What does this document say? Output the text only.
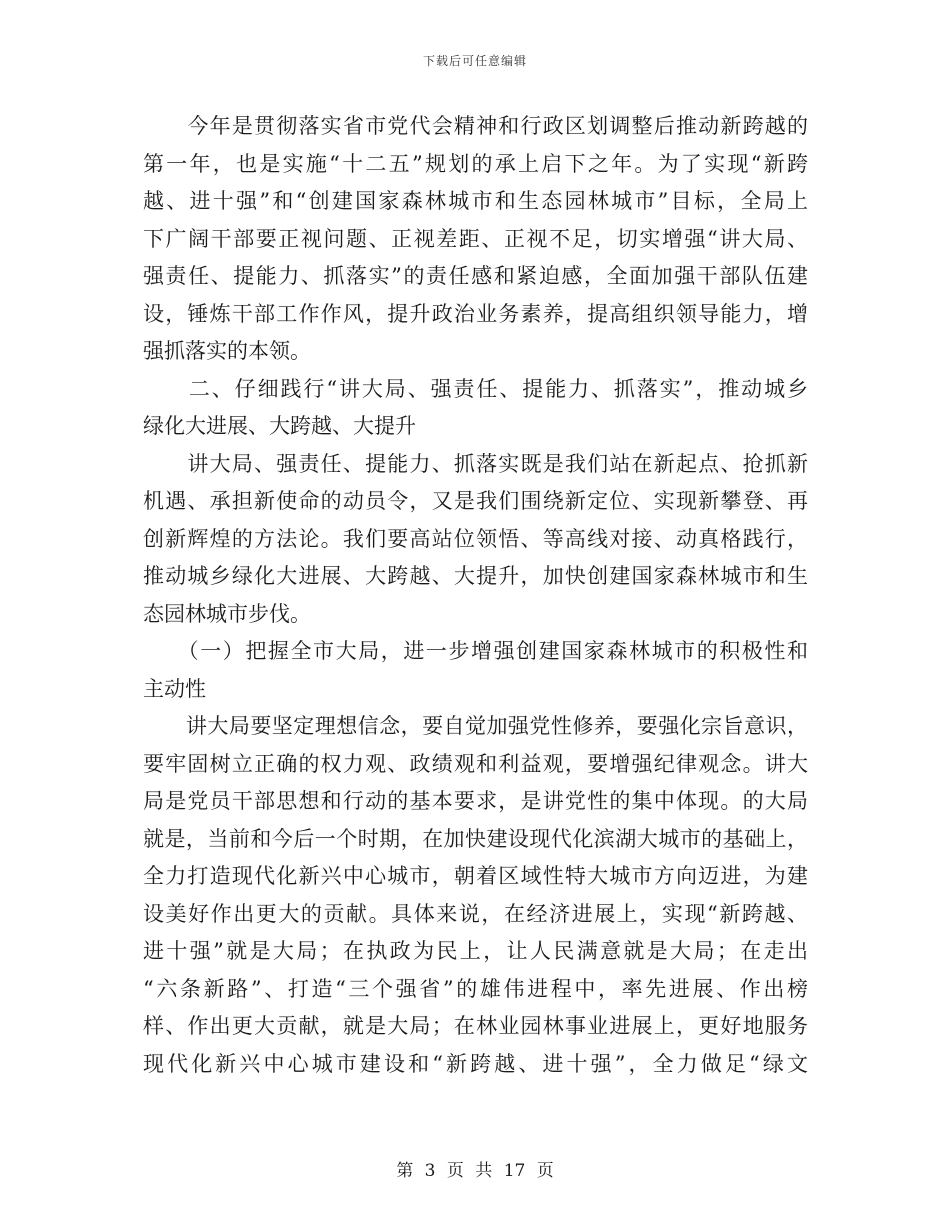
下载后可任意编辑
　　今年是贯彻落实省市党代会精神和行政区划调整后推动新跨越的
第一年，也是实施“十二五”规划的承上启下之年。为了实现“新跨
越、进十强”和“创建国家森林城市和生态园林城市”目标，全局上
下广阔干部要正视问题、正视差距、正视不足，切实增强“讲大局、
强责任、提能力、抓落实”的责任感和紧迫感，全面加强干部队伍建
设，锤炼干部工作作风，提升政治业务素养，提高组织领导能力，增
强抓落实的本领。
　　二、仔细践行“讲大局、强责任、提能力、抓落实”，推动城乡
绿化大进展、大跨越、大提升
　　讲大局、强责任、提能力、抓落实既是我们站在新起点、抢抓新
机遇、承担新使命的动员令，又是我们围绕新定位、实现新攀登、再
创新辉煌的方法论。我们要高站位领悟、等高线对接、动真格践行，
推动城乡绿化大进展、大跨越、大提升，加快创建国家森林城市和生
态园林城市步伐。
　　（一）把握全市大局，进一步增强创建国家森林城市的积极性和
主动性
　　讲大局要坚定理想信念，要自觉加强党性修养，要强化宗旨意识，
要牢固树立正确的权力观、政绩观和利益观，要增强纪律观念。讲大
局是党员干部思想和行动的基本要求，是讲党性的集中体现。的大局
就是，当前和今后一个时期，在加快建设现代化滨湖大城市的基础上，
全力打造现代化新兴中心城市，朝着区域性特大城市方向迈进，为建
设美好作出更大的贡献。具体来说，在经济进展上，实现“新跨越、
进十强”就是大局；在执政为民上，让人民满意就是大局；在走出
“六条新路”、打造“三个强省”的雄伟进程中，率先进展、作出榜
样、作出更大贡献，就是大局；在林业园林事业进展上，更好地服务
现代化新兴中心城市建设和“新跨越、进十强”，全力做足“绿文
第 3 页 共 17 页
